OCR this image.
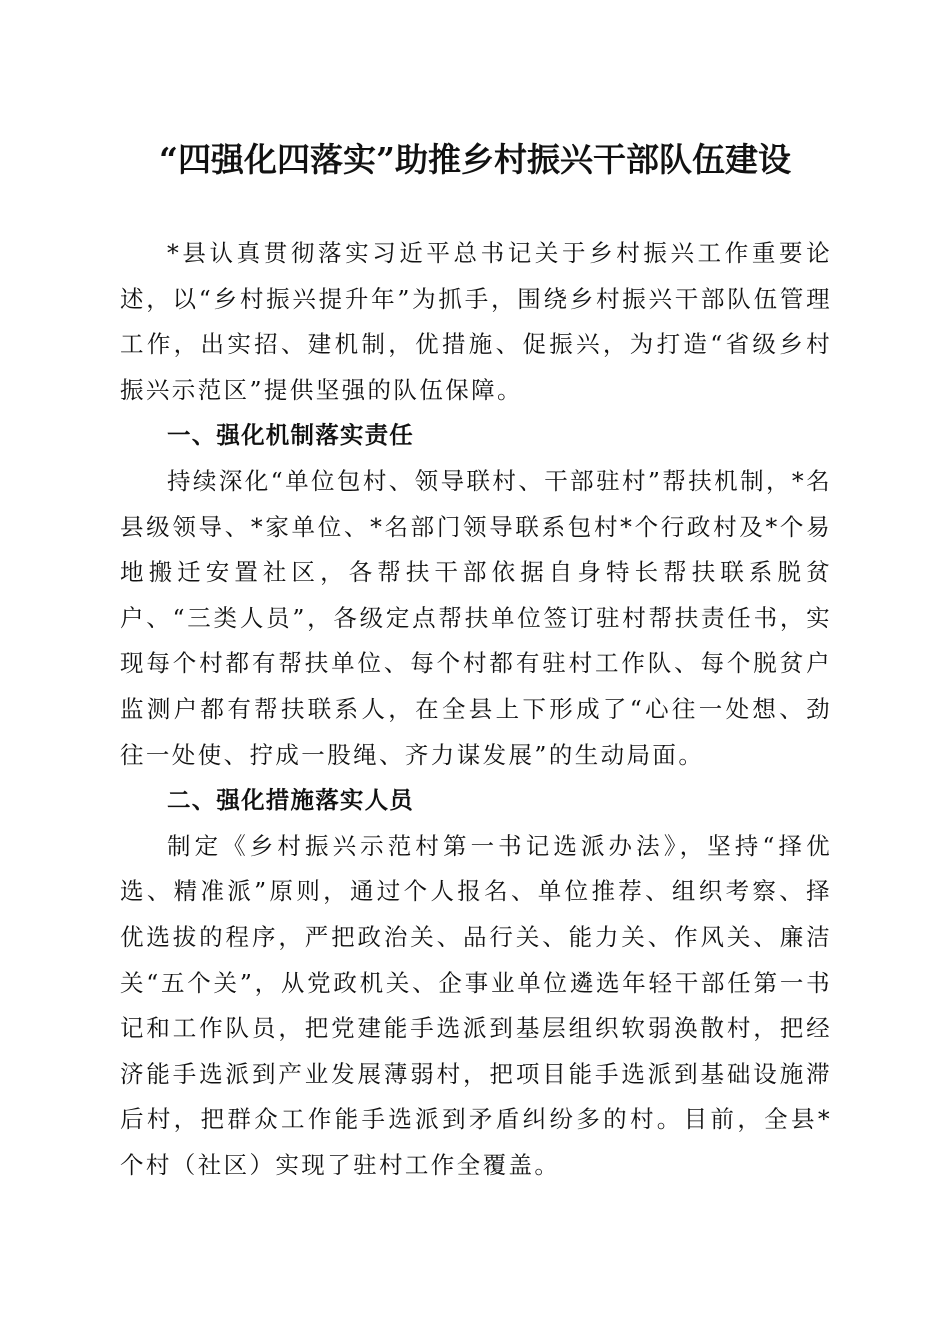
“四强化四落实”助推乡村振兴干部队伍建设

*县认真贯彻落实习近平总书记关于乡村振兴工作重要论述，以“乡村振兴提升年”为抓手，围绕乡村振兴干部队伍管理工作，出实招、建机制，优措施、促振兴，为打造“省级乡村振兴示范区”提供坚强的队伍保障。

一、强化机制落实责任

持续深化“单位包村、领导联村、干部驻村”帮扶机制，*名县级领导、*家单位、*名部门领导联系包村*个行政村及*个易地搬迁安置社区，各帮扶干部依据自身特长帮扶联系脱贫户、“三类人员”，各级定点帮扶单位签订驻村帮扶责任书，实现每个村都有帮扶单位、每个村都有驻村工作队、每个脱贫户监测户都有帮扶联系人，在全县上下形成了“心往一处想、劲往一处使、拧成一股绳、齐力谋发展”的生动局面。

二、强化措施落实人员

制定《乡村振兴示范村第一书记选派办法》，坚持“择优选、精准派”原则，通过个人报名、单位推荐、组织考察、择优选拔的程序，严把政治关、品行关、能力关、作风关、廉洁关“五个关”，从党政机关、企事业单位遴选年轻干部任第一书记和工作队员，把党建能手选派到基层组织软弱涣散村，把经济能手选派到产业发展薄弱村，把项目能手选派到基础设施滞后村，把群众工作能手选派到矛盾纠纷多的村。目前，全县*个村（社区）实现了驻村工作全覆盖。
